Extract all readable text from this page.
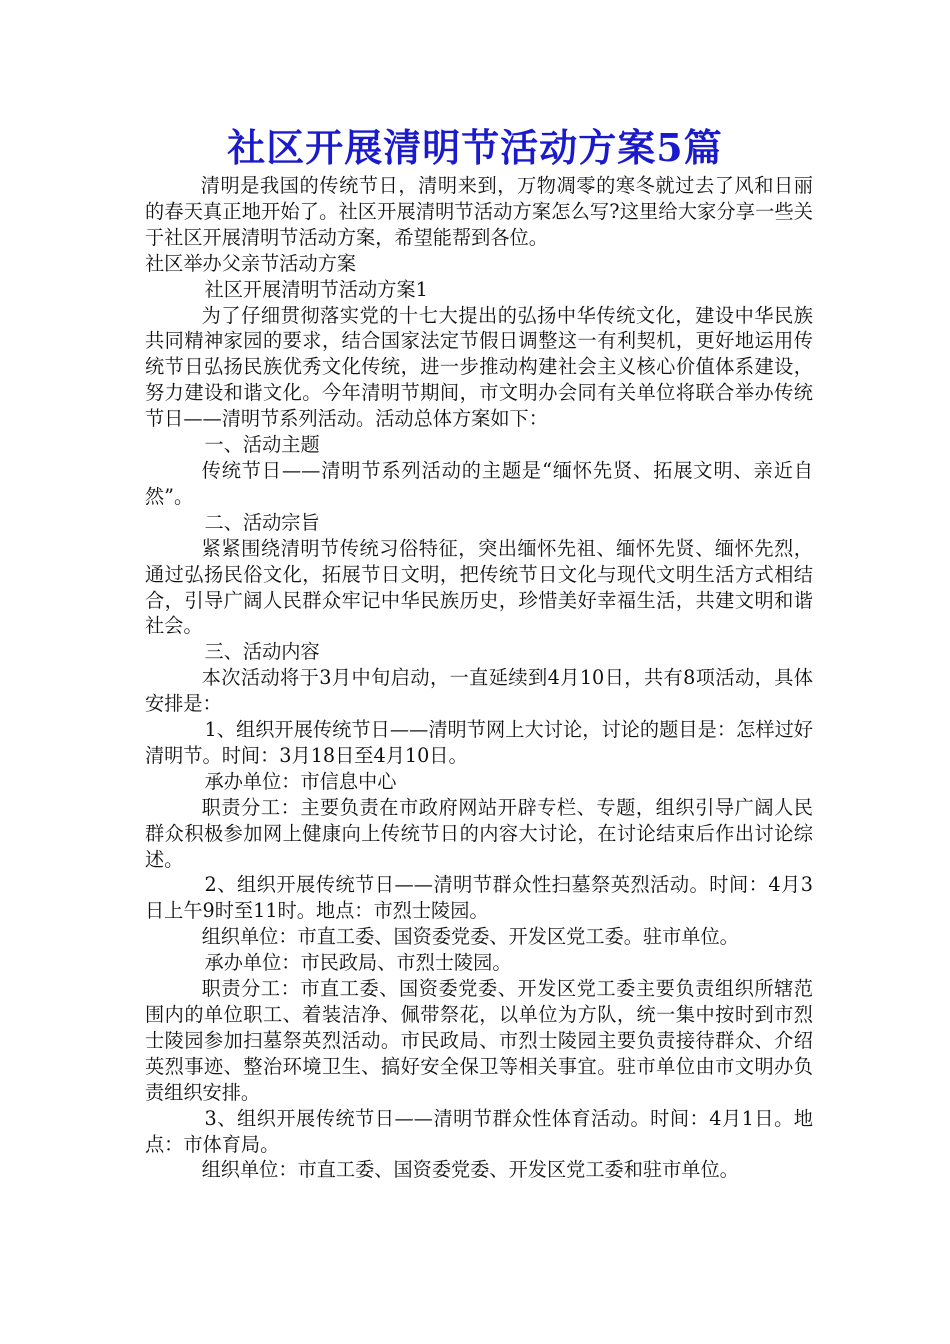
社区开展清明节活动方案5篇

清明是我国的传统节日，清明来到，万物凋零的寒冬就过去了风和日丽的春天真正地开始了。社区开展清明节活动方案怎么写?这里给大家分享一些关于社区开展清明节活动方案，希望能帮到各位。

社区举办父亲节活动方案

社区开展清明节活动方案1

为了仔细贯彻落实党的十七大提出的弘扬中华传统文化，建设中华民族共同精神家园的要求，结合国家法定节假日调整这一有利契机，更好地运用传统节日弘扬民族优秀文化传统，进一步推动构建社会主义核心价值体系建设，努力建设和谐文化。今年清明节期间，市文明办会同有关单位将联合举办传统节日——清明节系列活动。活动总体方案如下：

一、活动主题

传统节日——清明节系列活动的主题是“缅怀先贤、拓展文明、亲近自然”。

二、活动宗旨

紧紧围绕清明节传统习俗特征，突出缅怀先祖、缅怀先贤、缅怀先烈，通过弘扬民俗文化，拓展节日文明，把传统节日文化与现代文明生活方式相结合，引导广阔人民群众牢记中华民族历史，珍惜美好幸福生活，共建文明和谐社会。

三、活动内容

本次活动将于3月中旬启动，一直延续到4月10日，共有8项活动，具体安排是：

1、组织开展传统节日——清明节网上大讨论，讨论的题目是：怎样过好清明节。时间：3月18日至4月10日。

承办单位：市信息中心

职责分工：主要负责在市政府网站开辟专栏、专题，组织引导广阔人民群众积极参加网上健康向上传统节日的内容大讨论，在讨论结束后作出讨论综述。

2、组织开展传统节日——清明节群众性扫墓祭英烈活动。时间：4月3日上午9时至11时。地点：市烈士陵园。

组织单位：市直工委、国资委党委、开发区党工委。驻市单位。

承办单位：市民政局、市烈士陵园。

职责分工：市直工委、国资委党委、开发区党工委主要负责组织所辖范围内的单位职工、着装洁净、佩带祭花，以单位为方队，统一集中按时到市烈士陵园参加扫墓祭英烈活动。市民政局、市烈士陵园主要负责接待群众、介绍英烈事迹、整治环境卫生、搞好安全保卫等相关事宜。驻市单位由市文明办负责组织安排。

3、组织开展传统节日——清明节群众性体育活动。时间：4月1日。地点：市体育局。

组织单位：市直工委、国资委党委、开发区党工委和驻市单位。
